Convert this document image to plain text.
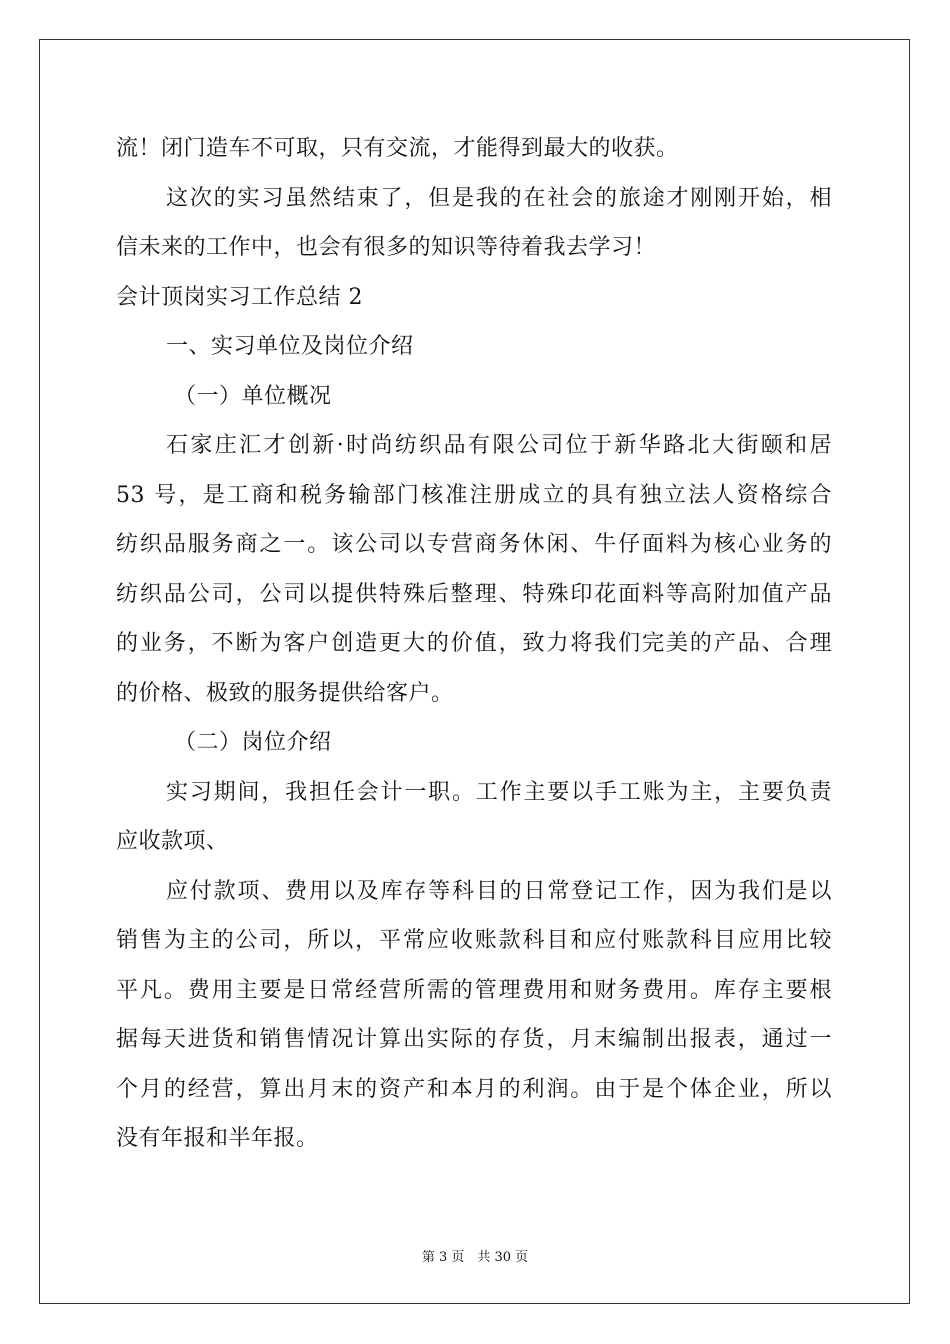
流！闭门造车不可取，只有交流，才能得到最大的收获。
这次的实习虽然结束了，但是我的在社会的旅途才刚刚开始，相
信未来的工作中，也会有很多的知识等待着我去学习！
会计顶岗实习工作总结 2
一、实习单位及岗位介绍
（一）单位概况
石家庄汇才创新·时尚纺织品有限公司位于新华路北大街颐和居
53 号，是工商和税务输部门核准注册成立的具有独立法人资格综合
纺织品服务商之一。该公司以专营商务休闲、牛仔面料为核心业务的
纺织品公司，公司以提供特殊后整理、特殊印花面料等高附加值产品
的业务，不断为客户创造更大的价值，致力将我们完美的产品、合理
的价格、极致的服务提供给客户。
（二）岗位介绍
实习期间，我担任会计一职。工作主要以手工账为主，主要负责
应收款项、
应付款项、费用以及库存等科目的日常登记工作，因为我们是以
销售为主的公司，所以，平常应收账款科目和应付账款科目应用比较
平凡。费用主要是日常经营所需的管理费用和财务费用。库存主要根
据每天进货和销售情况计算出实际的存货，月末编制出报表，通过一
个月的经营，算出月末的资产和本月的利润。由于是个体企业，所以
没有年报和半年报。
第 3 页　共 30 页
